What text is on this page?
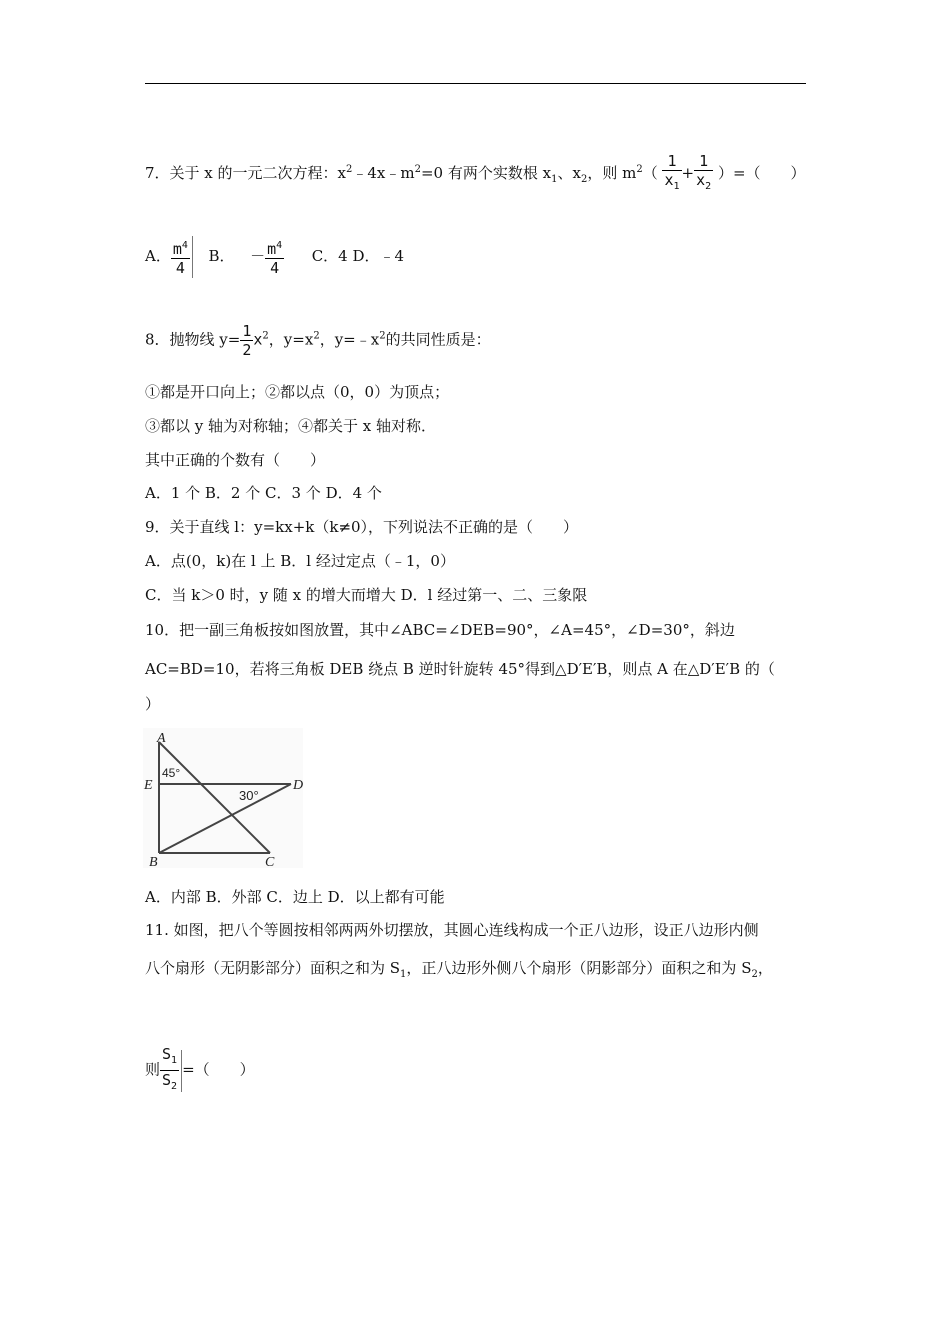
7．关于 x 的一元二次方程：$x^2﹣4x﹣m^2=0$ 有两个实数根 $x_1$、$x_2$，则 $m^2( \frac{1}{x_1} + \frac{1}{x_2}$ ）=（　　）
A． $\frac{m^4}{4}$ B． － $\frac{m^4}{4}$ C．4 D．﹣4
8．抛物线 $y= \frac{1}{2} x^2$，$y=x^2$，$y=﹣x^2$的共同性质是：
①都是开口向上；②都以点（0，0）为顶点；
③都以 y 轴为对称轴；④都关于 x 轴对称．
其中正确的个数有（　　）
A．1 个 B．2 个 C．3 个 D．4 个
9．关于直线 l：y=kx+k（k≠0），下列说法不正确的是（　　）
A．点(0，k)在 l 上 B．l 经过定点（﹣1，0）
C．当 k＞0 时，y 随 x 的增大而增大 D．l 经过第一、二、三象限
10．把一副三角板按如图放置，其中∠ABC=∠DEB=90°，∠A=45°，∠D=30°，斜边
AC=BD=10，若将三角板 DEB 绕点 B 逆时针旋转 45°得到△D′E′B，则点 A 在△D′E′B 的（
）
A
E	D
B	C
45°
30°
A．内部 B．外部 C．边上 D．以上都有可能
11. 如图，把八个等圆按相邻两两外切摆放，其圆心连线构成一个正八边形，设正八边形内侧
八个扇形（无阴影部分）面积之和为 $S_1$，正八边形外侧八个扇形（阴影部分）面积之和为 $S_2$，
则 $\frac{S_1}{S_2}$ =（　　）
